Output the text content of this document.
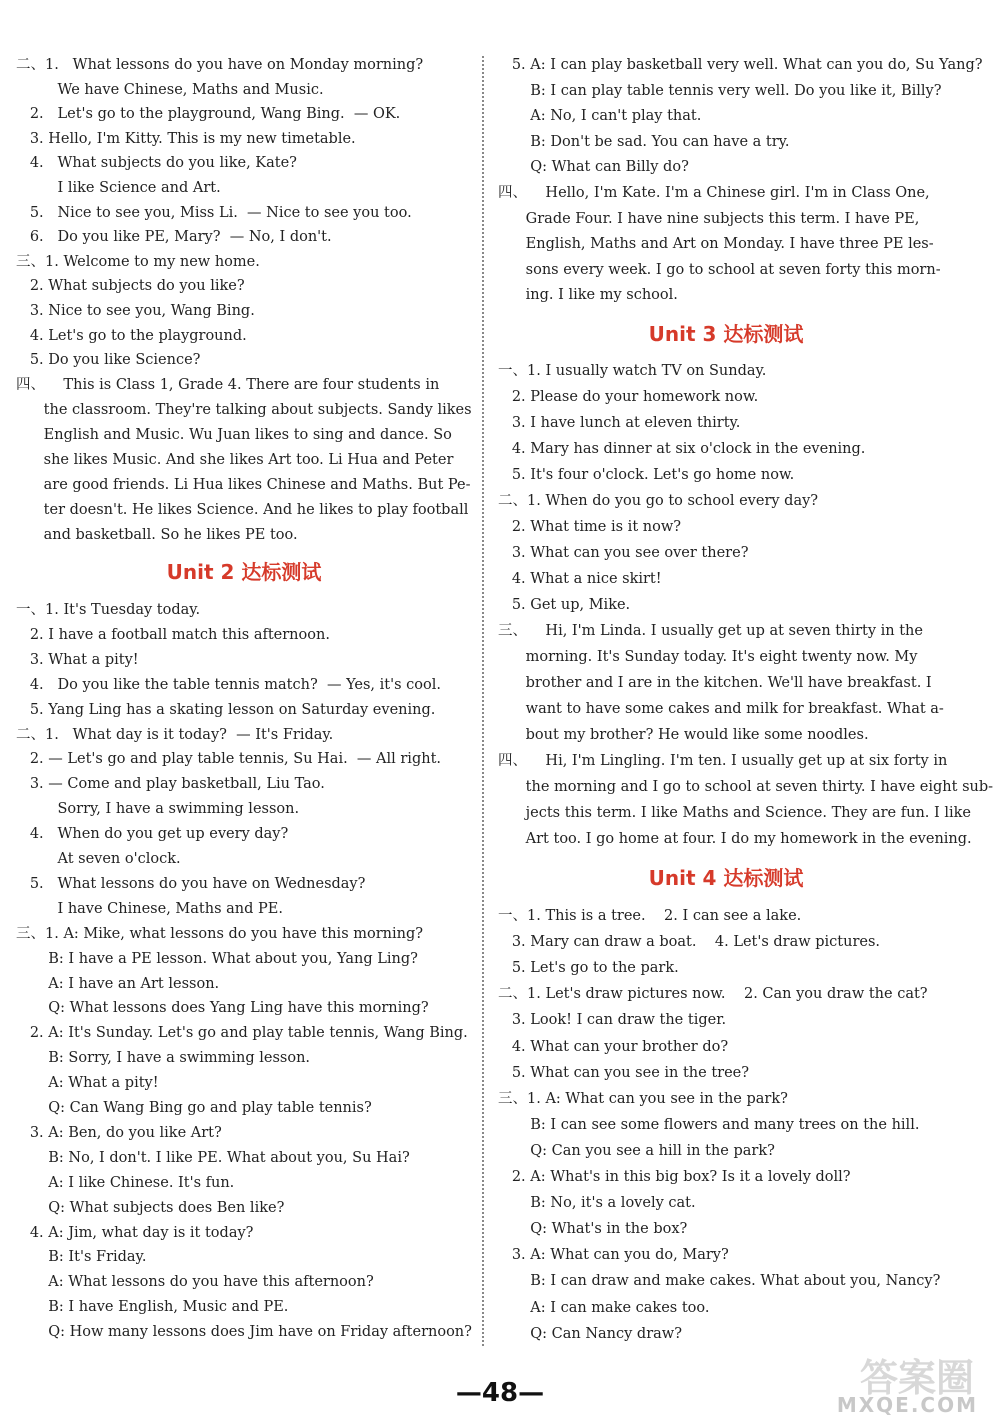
二、1.   What lessons do you have on Monday morning?
We have Chinese, Maths and Music.
2.   Let's go to the playground, Wang Bing.  — OK.
3. Hello, I'm Kitty. This is my new timetable.
4.   What subjects do you like, Kate?
I like Science and Art.
5.   Nice to see you, Miss Li.  — Nice to see you too.
6.   Do you like PE, Mary?  — No, I don't.
三、1. Welcome to my new home.
2. What subjects do you like?
3. Nice to see you, Wang Bing.
4. Let's go to the playground.
5. Do you like Science?
四、    This is Class 1, Grade 4. There are four students in
the classroom. They're talking about subjects. Sandy likes
English and Music. Wu Juan likes to sing and dance. So
she likes Music. And she likes Art too. Li Hua and Peter
are good friends. Li Hua likes Chinese and Maths. But Pe-
ter doesn't. He likes Science. And he likes to play football
and basketball. So he likes PE too.
Unit 2 达标测试
一、1. It's Tuesday today.
2. I have a football match this afternoon.
3. What a pity!
4.   Do you like the table tennis match?  — Yes, it's cool.
5. Yang Ling has a skating lesson on Saturday evening.
二、1.   What day is it today?  — It's Friday.
2. — Let's go and play table tennis, Su Hai.  — All right.
3. — Come and play basketball, Liu Tao.
Sorry, I have a swimming lesson.
4.   When do you get up every day?
At seven o'clock.
5.   What lessons do you have on Wednesday?
I have Chinese, Maths and PE.
三、1. A: Mike, what lessons do you have this morning?
B: I have a PE lesson. What about you, Yang Ling?
A: I have an Art lesson.
Q: What lessons does Yang Ling have this morning?
2. A: It's Sunday. Let's go and play table tennis, Wang Bing.
B: Sorry, I have a swimming lesson.
A: What a pity!
Q: Can Wang Bing go and play table tennis?
3. A: Ben, do you like Art?
B: No, I don't. I like PE. What about you, Su Hai?
A: I like Chinese. It's fun.
Q: What subjects does Ben like?
4. A: Jim, what day is it today?
B: It's Friday.
A: What lessons do you have this afternoon?
B: I have English, Music and PE.
Q: How many lessons does Jim have on Friday afternoon?
5. A: I can play basketball very well. What can you do, Su Yang?
B: I can play table tennis very well. Do you like it, Billy?
A: No, I can't play that.
B: Don't be sad. You can have a try.
Q: What can Billy do?
四、    Hello, I'm Kate. I'm a Chinese girl. I'm in Class One,
Grade Four. I have nine subjects this term. I have PE,
English, Maths and Art on Monday. I have three PE les-
sons every week. I go to school at seven forty this morn-
ing. I like my school.
Unit 3 达标测试
一、1. I usually watch TV on Sunday.
2. Please do your homework now.
3. I have lunch at eleven thirty.
4. Mary has dinner at six o'clock in the evening.
5. It's four o'clock. Let's go home now.
二、1. When do you go to school every day?
2. What time is it now?
3. What can you see over there?
4. What a nice skirt!
5. Get up, Mike.
三、    Hi, I'm Linda. I usually get up at seven thirty in the
morning. It's Sunday today. It's eight twenty now. My
brother and I are in the kitchen. We'll have breakfast. I
want to have some cakes and milk for breakfast. What a-
bout my brother? He would like some noodles.
四、    Hi, I'm Lingling. I'm ten. I usually get up at six forty in
the morning and I go to school at seven thirty. I have eight sub-
jects this term. I like Maths and Science. They are fun. I like
Art too. I go home at four. I do my homework in the evening.
Unit 4 达标测试
一、1. This is a tree.    2. I can see a lake.
3. Mary can draw a boat.    4. Let's draw pictures.
5. Let's go to the park.
二、1. Let's draw pictures now.    2. Can you draw the cat?
3. Look! I can draw the tiger.
4. What can your brother do?
5. What can you see in the tree?
三、1. A: What can you see in the park?
B: I can see some flowers and many trees on the hill.
Q: Can you see a hill in the park?
2. A: What's in this big box? Is it a lovely doll?
B: No, it's a lovely cat.
Q: What's in the box?
3. A: What can you do, Mary?
B: I can draw and make cakes. What about you, Nancy?
A: I can make cakes too.
Q: Can Nancy draw?
—48—	答案圈
MXQE.COM
